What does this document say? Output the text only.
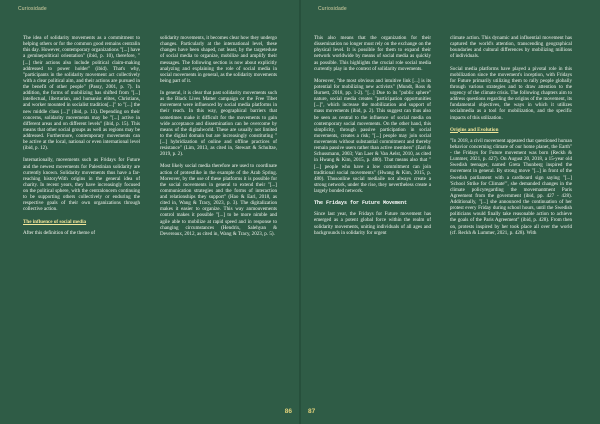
Curiosidade

The idea of solidarity movements as a commitment to helping others or for the common good remains centralin this day. However, contemporary organizations "[...] have a geminepolitical orientation" (ibid, p. 10), therefore, "[...] their actions also include political claim-making addressed to power holder" (ibid). That's why, "participants in the solidarity movement act collectively with a clear political aim, and their actions are pursued in the benefit of other people" (Passy, 2001, p. 7). In addition, the forms of mobilizing has shifted from "[...] intellectual, libertarian, and humanist elites, Christians, and worker mounted in socialist tradition[...]" to "[...] the new middle class [...]" (ibid, p. 13). Depending on their concerns, solidarity movements may be "[...] active in different areas and on different levels" (ibid, p. 15). This means that other social groups as well as regions may be addressed. Furthermore, contemporary movements can be active at the local, national or even international level (ibid, p. 12).

Internationally, movements such as Fridays for Future and the newest movements for Palestinian solidarity are currently known. Solidarity movements thus have a far-reaching historyWith origins in the general idea of charity. In recent years, they have increasingly focused on the political sphere, with the centraloncern continuing to be supporting others collectively or enduring the respective goals of their own organizations through collective action.

The influence of social media

After this definition of the theme of

solidarity movements, it becomes clear how they undergo changes. Particularly at the international level, these changes have been shaped, not least, by the targetedusе of social media to organize, mobilize and amplify their messages. The following section is now about explicitly analyzing and explaining the role of social media in social movements in general, as the solidarity movements being part of it.

In general, it is clear that past solidarity movements such as the Black Lives Matter campaign or the Free Tibet movement were influenced by social media platforms in their reach. In this way, geographical barriers that sometimes make it difficult for the movements to gain wide acceptance and dissemination can be overcome by means of the digitalworld. These are usually not limited to the digital domain but are increasingly constituting "[...] hybridization of online and offline practices of resistance" (Lim, 2013, as cited in, Stewart & Schultze, 2019, p. 2).

Most likely social media therefore are used to coordinate action of protestlike in the example of the Arab Spring. Moreover, by the use of these platforms it is possible for the social movements in general to extend their "[...] communication strategies and the forms of interaction and relationships they support" (Hao & Earl, 2018, as cited in, Wang & Tracy, 2023, p. 3). The digitalization makes it easier to organize. This way anmouvements control makes it possible "[...] to be more nimble and agile able to mobilize at rapid speed and in response to changing circumstances (Hendrix, Salehyan & Devereaux, 2012, as cited in, Wang & Tracy, 2023, p. 5).

86
Curiosidade

This also means that the organization for their dissemination no longer must rely on the exchange on the physical level. It is possible for them to expand their network worldwide by means of social media as quickly as possible. This highlights the crucial role social media currently play in the context of solidarity movements.

Moreover, "the most obvious and intuitive link [...] is its potential for mobilizing new activists" (Mundt, Ross & Burnett, 2018, pp. 1-2). "[...] Due to its "public sphere" nature, social media creates "participation opportunities [...]", which increase the mobilization and support of mass movements (ibid, p. 2). This suggest can thus also be seen as central to the influence of social media on contemporary social movements. On the other hand, this simplicity, through passive participation in social movements, creates a risk; "[...] people may join social movements without substantial commitment and thereby remain passive users rather than active members" (Earl & Schussmann, 2003; Van Laer & Van Aelst, 2010, as cited in Hwang & Kim, 2015, p. 480). That means also that "[...] people who have a low commitment can join traditional social movements" (Hwang & Kim, 2015, p. 480). Thusonline social mediaile not always create a strong network, under the rise, they nevertheless create a largely bonded network.

The Fridays for Future Movement

Since last year, the Fridays for Future movement has emerged as a potent global force within the realm of solidarity movements, uniting individuals of all ages and backgrounds in solidarity for urgent

climate action. This dynamic and influential movement has captured the world's attention, transcending geographical boundaries and cultural differences by mobilizing millions of individuals.

Social media platforms have played a pivotal role in this mobilization since the movement's inception, with Fridays for Future primarily utilizing them to rally people globally through various strategies and to draw attention to the urgency of the climate crisis. The following chapters aim to address questions regarding the origins of the movement, its fundamental objectives, the ways in which it utilizes socialmedia as a tool for mobilization, and the specific impacts of this utilization.

Origins and Evolution

"In 2018, a civil movement appeared that questioned human behavior concerning climate of our home planet, the Earth" - the Fridays for Future movement was born (Reckh & Lummer, 2021, p. 427). On August 20, 2018, a 15-year old Swedish teenager, named Greta Thunberg inspired the movement in general. By strong move "[...] in front of the Swedish parliament with a cardboard sign saying "[...] 'School Strike for Climate'", she demanded changes in the climate policyregarding the movemantment Paris Agreement from the government (ibid, pp. 427 - 428). Additionally, "[...] she announced the continuation of her protest every Friday during school hours, until the Swedish politicians would finally take reasonable action to achieve the goals of the Paris Agreement" (ibid, p. 428). From then on, protests inspired by her took place all over the world (cf. Reckh & Lummer, 2021, p. 428). With

87
